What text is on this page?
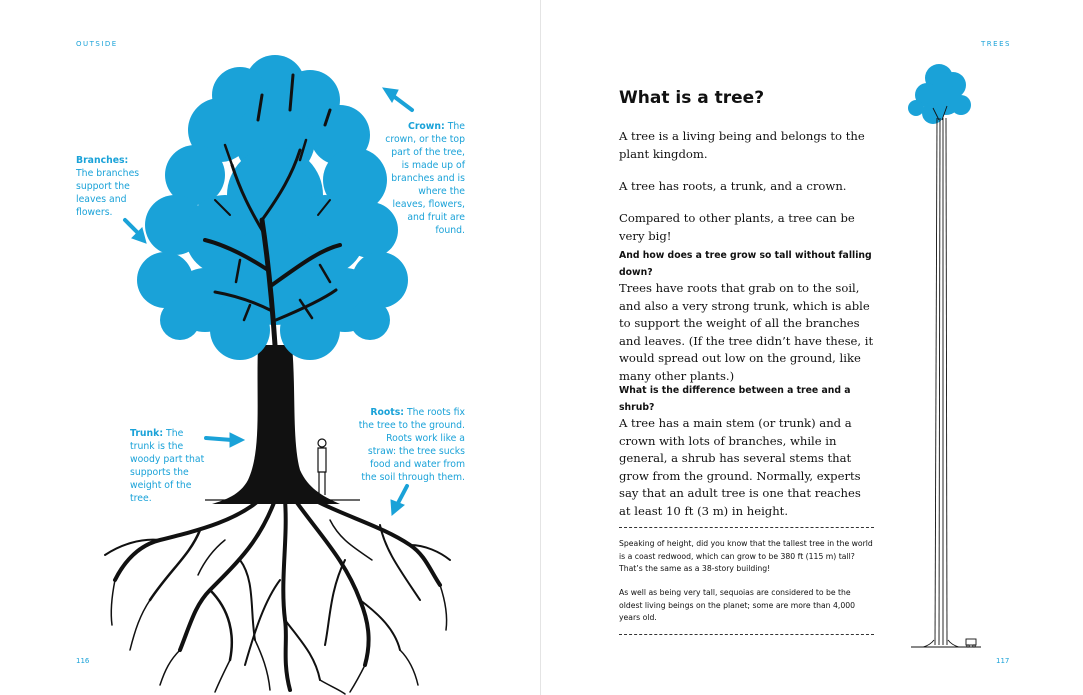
OUTSIDE
Branches:
The branches support the leaves and flowers.
Crown: The crown, or the top part of the tree, is made up of branches and is where the leaves, flowers, and fruit are found.
Trunk: The trunk is the woody part that supports the weight of the tree.
Roots: The roots fix the tree to the ground. Roots work like a straw: the tree sucks food and water from the soil through them.
116
TREES
What is a tree?
A tree is a living being and belongs to the plant kingdom.
A tree has roots, a trunk, and a crown.
Compared to other plants, a tree can be very big!
And how does a tree grow so tall without falling down?
Trees have roots that grab on to the soil, and also a very strong trunk, which is able to support the weight of all the branches and leaves. (If the tree didn’t have these, it would spread out low on the ground, like many other plants.)
What is the difference between a tree and a shrub?
A tree has a main stem (or trunk) and a crown with lots of branches, while in general, a shrub has several stems that grow from the ground. Normally, experts say that an adult tree is one that reaches at least 10 ft (3 m) in height.
Speaking of height, did you know that the tallest tree in the world is a coast redwood, which can grow to be 380 ft (115 m) tall? That’s the same as a 38-story building!
As well as being very tall, sequoias are considered to be the oldest living beings on the planet; some are more than 4,000 years old.
117
